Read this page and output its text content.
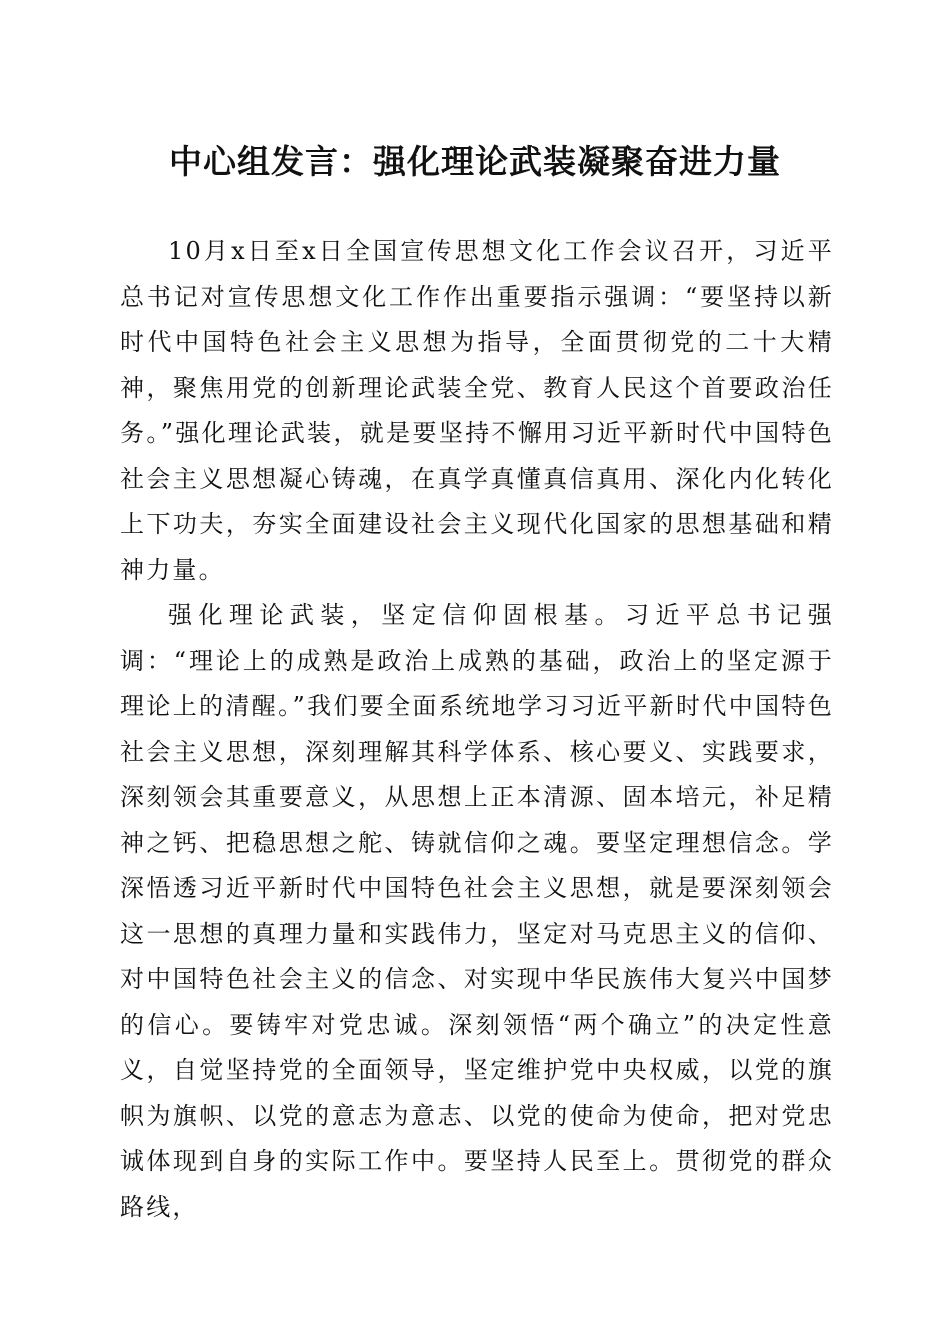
中心组发言：强化理论武装凝聚奋进力量

10月x日至x日全国宣传思想文化工作会议召开，习近平总书记对宣传思想文化工作作出重要指示强调：“要坚持以新时代中国特色社会主义思想为指导，全面贯彻党的二十大精神，聚焦用党的创新理论武装全党、教育人民这个首要政治任务。”强化理论武装，就是要坚持不懈用习近平新时代中国特色社会主义思想凝心铸魂，在真学真懂真信真用、深化内化转化上下功夫，夯实全面建设社会主义现代化国家的思想基础和精神力量。

强化理论武装，坚定信仰固根基。习近平总书记强调：“理论上的成熟是政治上成熟的基础，政治上的坚定源于理论上的清醒。”我们要全面系统地学习习近平新时代中国特色社会主义思想，深刻理解其科学体系、核心要义、实践要求，深刻领会其重要意义，从思想上正本清源、固本培元，补足精神之钙、把稳思想之舵、铸就信仰之魂。要坚定理想信念。学深悟透习近平新时代中国特色社会主义思想，就是要深刻领会这一思想的真理力量和实践伟力，坚定对马克思主义的信仰、对中国特色社会主义的信念、对实现中华民族伟大复兴中国梦的信心。要铸牢对党忠诚。深刻领悟“两个确立”的决定性意义，自觉坚持党的全面领导，坚定维护党中央权威，以党的旗帜为旗帜、以党的意志为意志、以党的使命为使命，把对党忠诚体现到自身的实际工作中。要坚持人民至上。贯彻党的群众路线，
